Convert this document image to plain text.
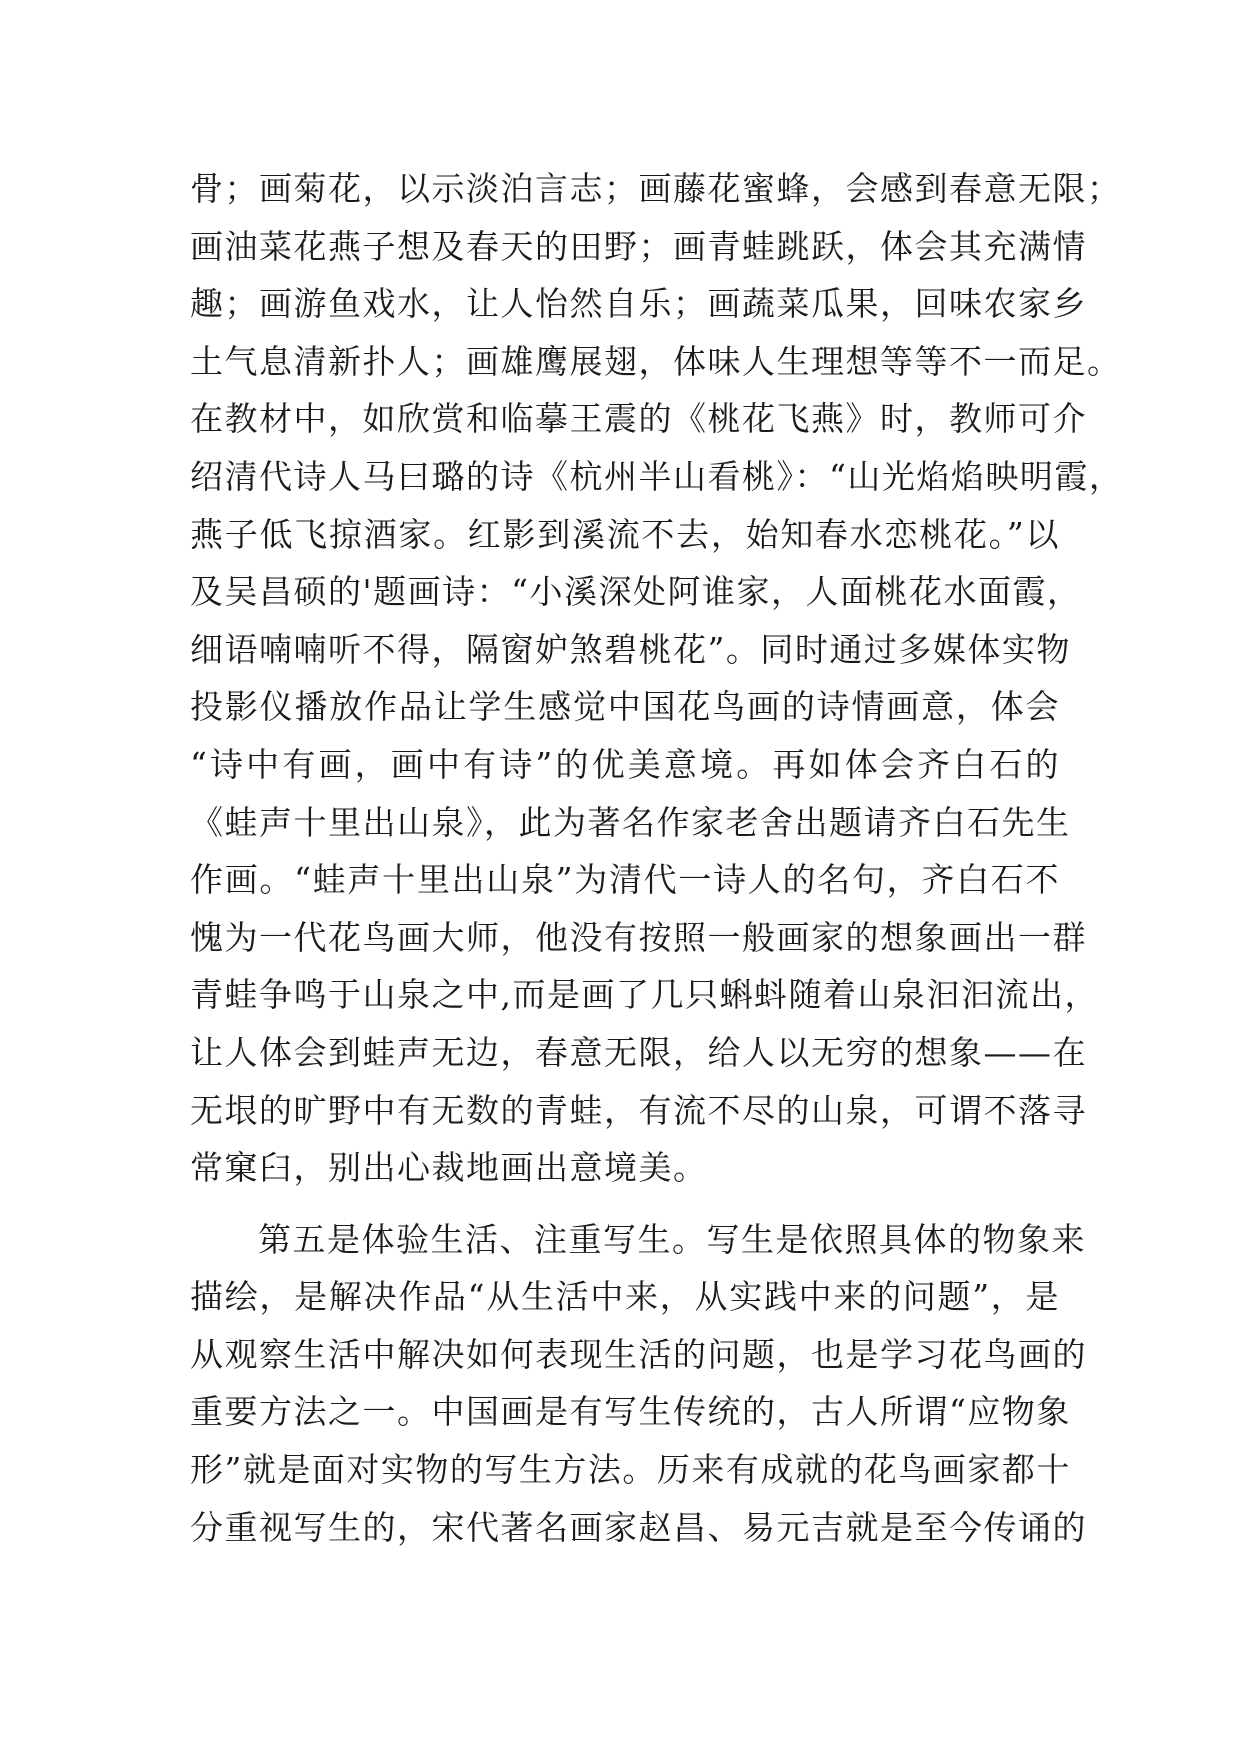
骨；画菊花，以示淡泊言志；画藤花蜜蜂，会感到春意无限；
画油菜花燕子想及春天的田野；画青蛙跳跃，体会其充满情
趣；画游鱼戏水，让人怡然自乐；画蔬菜瓜果，回味农家乡
土气息清新扑人；画雄鹰展翅，体味人生理想等等不一而足。
在教材中，如欣赏和临摹王震的《桃花飞燕》时，教师可介
绍清代诗人马曰璐的诗《杭州半山看桃》：“山光焰焰映明霞，
燕子低飞掠酒家。红影到溪流不去，始知春水恋桃花。”以
及吴昌硕的'题画诗：“小溪深处阿谁家，人面桃花水面霞，
细语喃喃听不得，隔窗妒煞碧桃花”。同时通过多媒体实物
投影仪播放作品让学生感觉中国花鸟画的诗情画意，体会
“诗中有画，画中有诗”的优美意境。再如体会齐白石的
《蛙声十里出山泉》，此为著名作家老舍出题请齐白石先生
作画。“蛙声十里出山泉”为清代一诗人的名句，齐白石不
愧为一代花鸟画大师，他没有按照一般画家的想象画出一群
青蛙争鸣于山泉之中,而是画了几只蝌蚪随着山泉汩汩流出，
让人体会到蛙声无边，春意无限，给人以无穷的想象——在
无垠的旷野中有无数的青蛙，有流不尽的山泉，可谓不落寻
常窠臼，别出心裁地画出意境美。
第五是体验生活、注重写生。写生是依照具体的物象来
描绘，是解决作品“从生活中来，从实践中来的问题”，是
从观察生活中解决如何表现生活的问题，也是学习花鸟画的
重要方法之一。中国画是有写生传统的，古人所谓“应物象
形”就是面对实物的写生方法。历来有成就的花鸟画家都十
分重视写生的，宋代著名画家赵昌、易元吉就是至今传诵的
